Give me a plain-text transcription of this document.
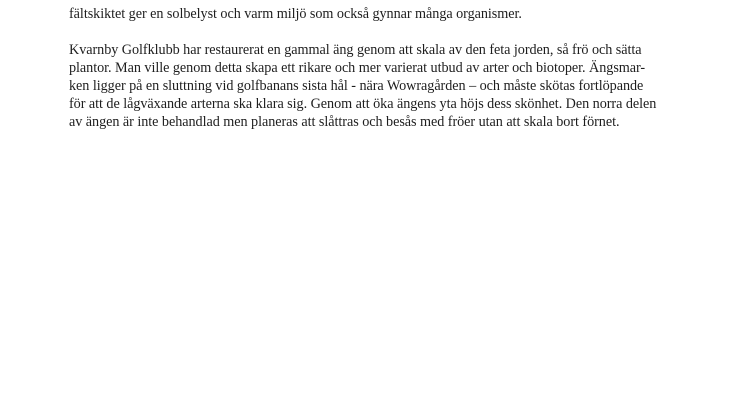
fältskiktet ger en solbelyst och varm miljö som också gynnar många organismer.
Kvarnby Golfklubb har restaurerat en gammal äng genom att skala av den feta jorden, så frö och sätta
plantor. Man ville genom detta skapa ett rikare och mer varierat utbud av arter och biotoper. Ängsmar-
ken ligger på en sluttning vid golfbanans sista hål - nära Wowragården – och måste skötas fortlöpande
för att de lågväxande arterna ska klara sig. Genom att öka ängens yta höjs dess skönhet. Den norra delen
av ängen är inte behandlad men planeras att slåttras och besås med fröer utan att skala bort förnet.
